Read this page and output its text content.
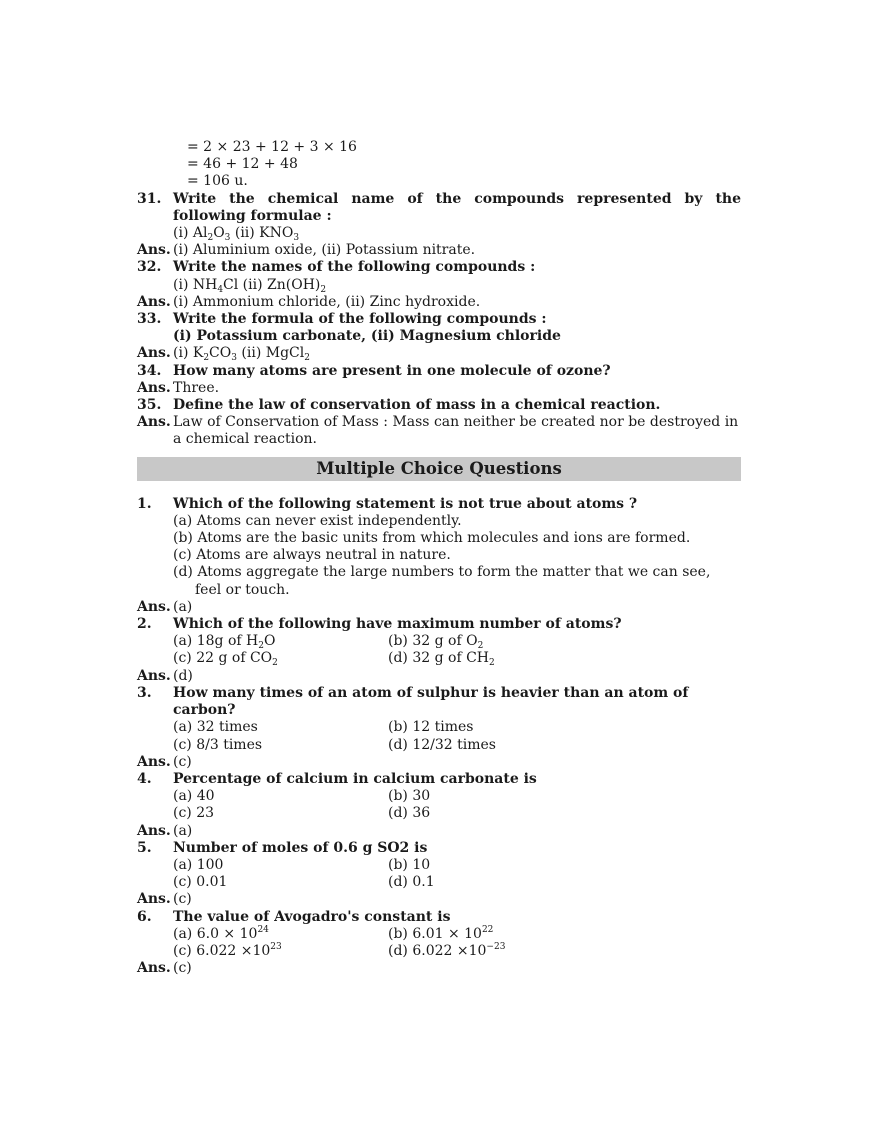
= 2 × 23 + 12 + 3 × 16
= 46 + 12 + 48
= 106 u.
31. Write the chemical name of the compounds represented by the following formulae :
(i) $Al_2O_3$ (ii) $KNO_3$
Ans. (i) Aluminium oxide, (ii) Potassium nitrate.
32. Write the names of the following compounds :
(i) $NH_4Cl$ (ii) $Zn(OH)_2$
Ans. (i) Ammonium chloride, (ii) Zinc hydroxide.
33. Write the formula of the following compounds :
(i) Potassium carbonate, (ii) Magnesium chloride
Ans. (i) $K_2CO_3$ (ii) MgCl$_2$
34. How many atoms are present in one molecule of ozone?
Ans. Three.
35. Define the law of conservation of mass in a chemical reaction.
Ans. Law of Conservation of Mass : Mass can neither be created nor be destroyed in a chemical reaction.
Multiple Choice Questions
1.	Which of the following statement is not true about atoms ?
(a) Atoms can never exist independently.
(b) Atoms are the basic units from which molecules and ions are formed.
(c) Atoms are always neutral in nature.
(d) Atoms aggregate the large numbers to form the matter that we can see, feel or touch.
Ans. (a)
2.	Which of the following have maximum number of atoms?
(a) 18g of $H_2O$	(b) 32 g of $O_2$
(c) 22 g of $CO_2$	(d) 32 g of $CH_2$
Ans. (d)
3.	How many times of an atom of sulphur is heavier than an atom of carbon?
(a) 32 times	(b) 12 times
(c) 8/3 times	(d) 12/32 times
Ans. (c)
4.	Percentage of calcium in calcium carbonate is
(a) 40	(b) 30
(c) 23	(d) 36
Ans. (a)
5.	Number of moles of 0.6 g SO2 is
(a) 100	(b) 10
(c) 0.01	(d) 0.1
Ans. (c)
6.	The value of Avogadro's constant is
(a) $6.0 \times 10^{24}$	(b) $6.01 \times 10^{22}$
(c) $6.022 \times 10^{23}$	(d) $6.022 \times 10^{-23}$
Ans. (c)
